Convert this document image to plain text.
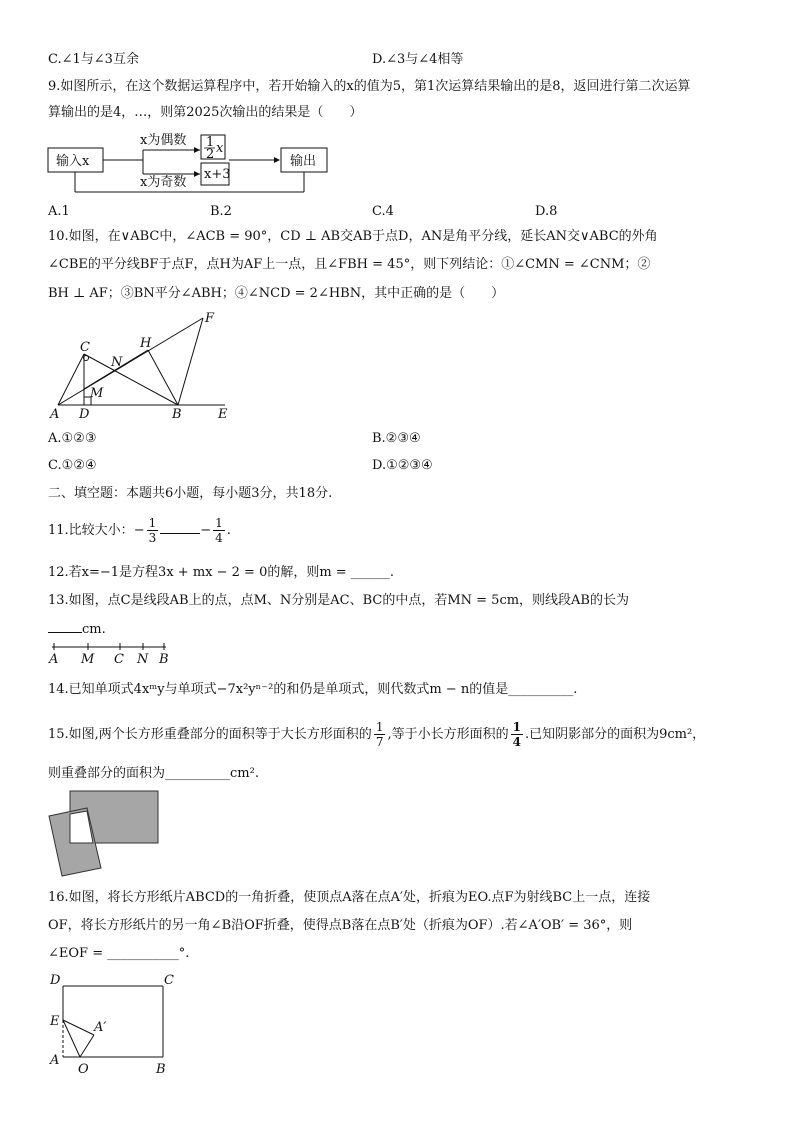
C.∠1与∠3互余	D.∠3与∠4相等
9.如图所示，在这个数据运算程序中，若开始输入的x的值为5，第1次运算结果输出的是8，返回进行第二次运算
算输出的是4，…，则第2025次输出的结果是（　　）
输入x
x为偶数 1
2 x
x为奇数
x+3
输出
A.1	B.2	C.4	D.8
10.如图，在∨ABC中，∠ACB = 90°，CD ⊥ AB交AB于点D，AN是角平分线，延长AN交∨ABC的外角
∠CBE的平分线BF于点F，点H为AF上一点，且∠FBH = 45°，则下列结论：①∠CMN = ∠CNM；②
BH ⊥ AF；③BN平分∠ABH；④∠NCD = 2∠HBN，其中正确的是（　　）
F
C	H
N
M
A D	B	E
A.①②③	B.②③④
C.①②④	D.①②③④
二、填空题：本题共6小题，每小题3分，共18分.
11.比较大小：− $\frac{1}{3}$	− $\frac{1}{4}$ .
12.若x=−1是方程3x + mx − 2 = 0的解，则m = ______.
13.如图，点C是线段AB上的点，点M、N分别是AC、BC的中点，若MN = 5cm，则线段AB的长为
cm.
A M C N B
14.已知单项式4xᵐy与单项式−7x²yⁿ⁻²的和仍是单项式，则代数式m − n的值是__________.
15.如图,两个长方形重叠部分的面积等于大长方形面积的 $\frac{1}{7}$ ,等于小长方形面积的 $\frac{1}{4}$ .已知阴影部分的面积为9cm²，
则重叠部分的面积为__________cm².
16.如图，将长方形纸片ABCD的一角折叠，使顶点A落在点A′处，折痕为EO.点F为射线BC上一点，连接
OF，将长方形纸片的另一角∠B沿OF折叠，使得点B落在点B′处（折痕为OF）.若∠A′OB′ = 36°，则
∠EOF = ___________°.
D	C
E	A′
A
O	B
